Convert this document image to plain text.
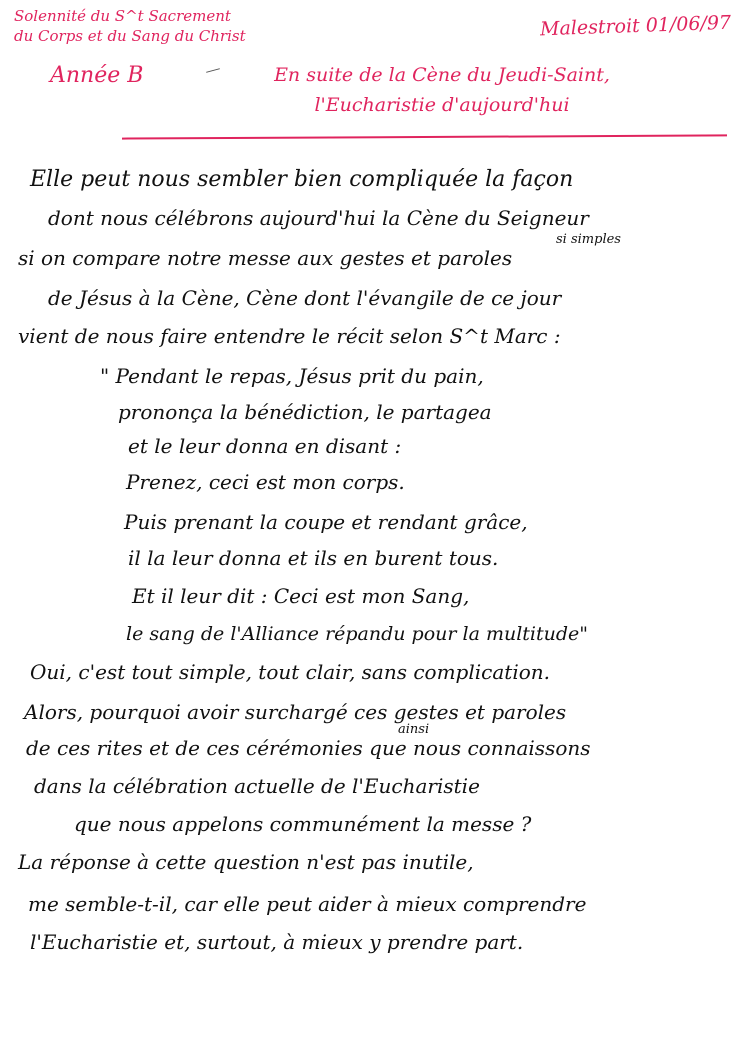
Solennité du S^t Sacrement
du Corps et du Sang du Christ	Malestroit 01/06/97
Année B	En suite de la Cène du Jeudi-Saint,
l'Eucharistie d'aujourd'hui
Elle peut nous sembler bien compliquée la façon
dont nous célébrons aujourd'hui la Cène du Seigneur
si simples
si on compare notre messe aux gestes et paroles
de Jésus à la Cène, Cène dont l'évangile de ce jour
vient de nous faire entendre le récit selon S^t Marc :
" Pendant le repas, Jésus prit du pain,
prononça la bénédiction, le partagea
et le leur donna en disant :
Prenez, ceci est mon corps.
Puis prenant la coupe et rendant grâce,
il la leur donna et ils en burent tous.
Et il leur dit : Ceci est mon Sang,
le sang de l'Alliance répandu pour la multitude"
Oui, c'est tout simple, tout clair, sans complication.
Alors, pourquoi avoir surchargé ces gestes et paroles
ainsi
de ces rites et de ces cérémonies que nous connaissons
dans la célébration actuelle de l'Eucharistie
que nous appelons communément la messe ?
La réponse à cette question n'est pas inutile,
me semble-t-il, car elle peut aider à mieux comprendre
l'Eucharistie et, surtout, à mieux y prendre part.
